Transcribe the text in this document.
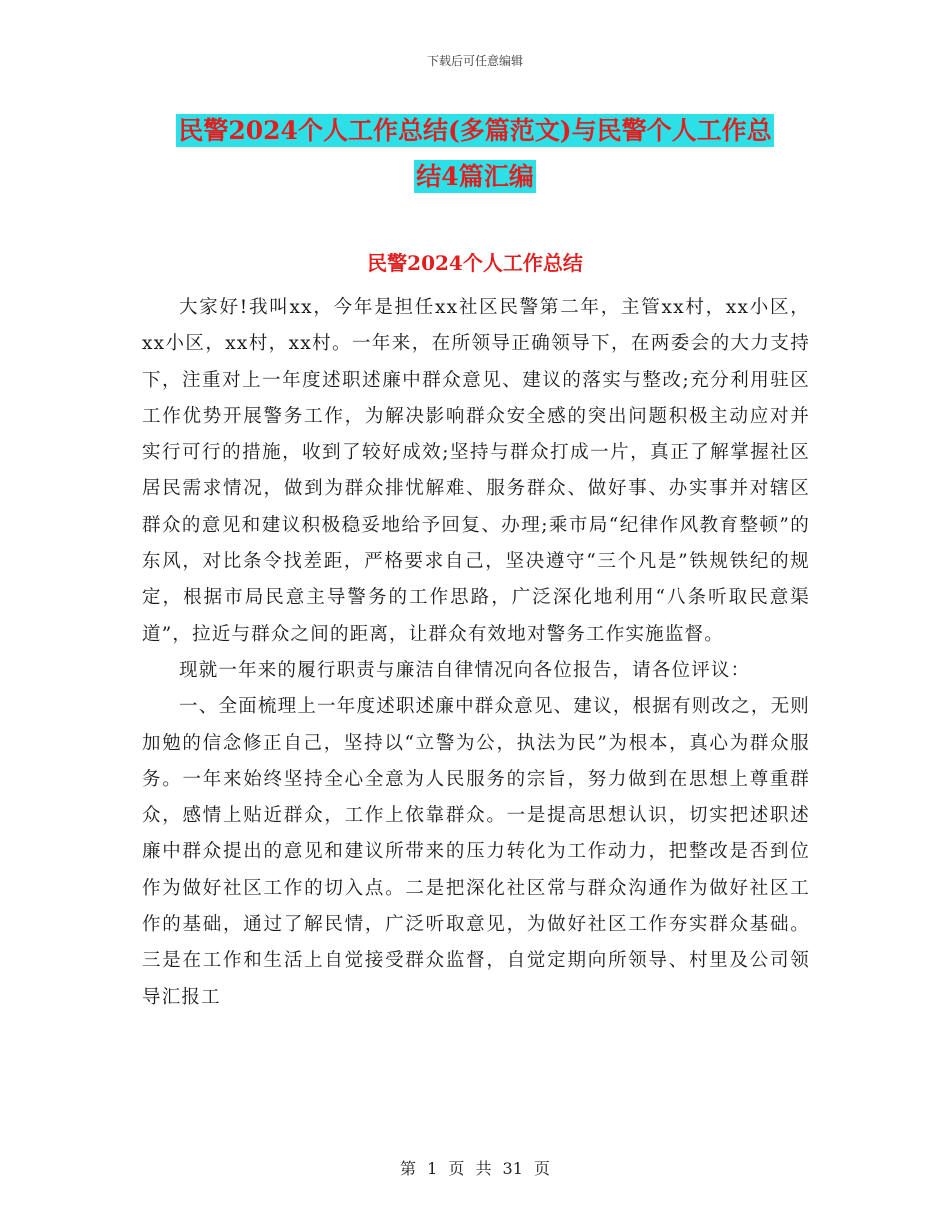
下载后可任意编辑
民警2024个人工作总结(多篇范文)与民警个人工作总
结4篇汇编
民警2024个人工作总结

大家好!我叫xx，今年是担任xx社区民警第二年，主管xx村，xx小区，xx小区，xx村，xx村。一年来，在所领导正确领导下，在两委会的大力支持下，注重对上一年度述职述廉中群众意见、建议的落实与整改;充分利用驻区工作优势开展警务工作，为解决影响群众安全感的突出问题积极主动应对并实行可行的措施，收到了较好成效;坚持与群众打成一片，真正了解掌握社区居民需求情况，做到为群众排忧解难、服务群众、做好事、办实事并对辖区群众的意见和建议积极稳妥地给予回复、办理;乘市局“纪律作风教育整顿”的东风，对比条令找差距，严格要求自己，坚决遵守“三个凡是”铁规铁纪的规定，根据市局民意主导警务的工作思路，广泛深化地利用“八条听取民意渠道”，拉近与群众之间的距离，让群众有效地对警务工作实施监督。

现就一年来的履行职责与廉洁自律情况向各位报告，请各位评议：

一、全面梳理上一年度述职述廉中群众意见、建议，根据有则改之，无则加勉的信念修正自己，坚持以“立警为公，执法为民”为根本，真心为群众服务。一年来始终坚持全心全意为人民服务的宗旨，努力做到在思想上尊重群众，感情上贴近群众，工作上依靠群众。一是提高思想认识，切实把述职述廉中群众提出的意见和建议所带来的压力转化为工作动力，把整改是否到位作为做好社区工作的切入点。二是把深化社区常与群众沟通作为做好社区工作的基础，通过了解民情，广泛听取意见，为做好社区工作夯实群众基础。三是在工作和生活上自觉接受群众监督，自觉定期向所领导、村里及公司领导汇报工

第 1 页 共 31 页
